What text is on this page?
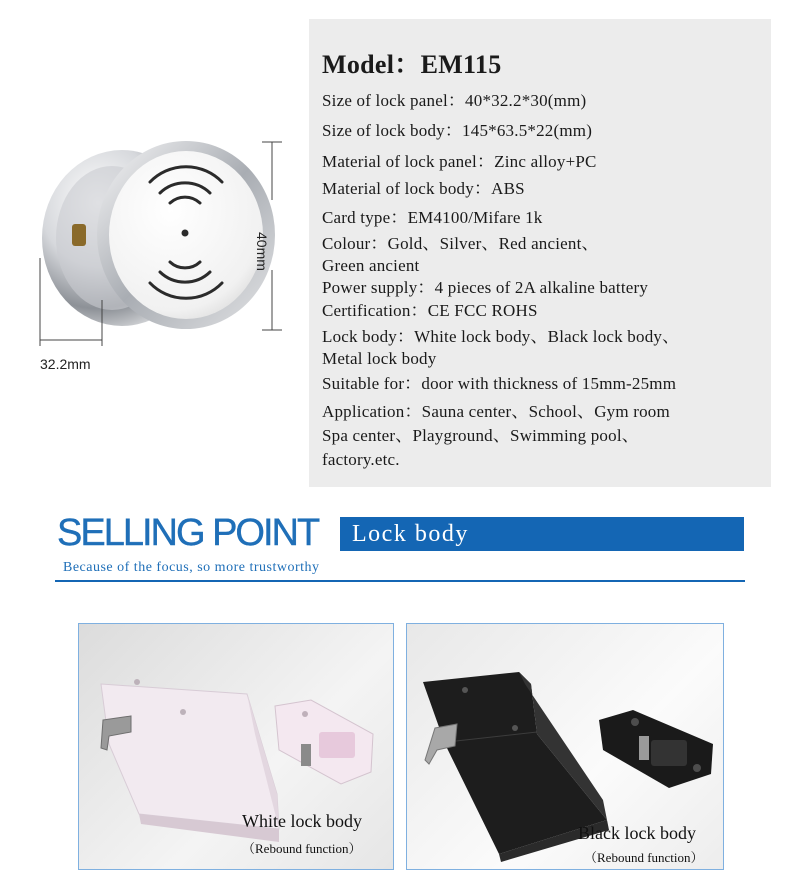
40mm
32.2mm
Model：EM115
Size of lock panel：40*32.2*30(mm)
Size of lock body：145*63.5*22(mm)
Material of lock panel：Zinc alloy+PC
Material of lock body：ABS
Card type：EM4100/Mifare 1k
Colour：Gold、Silver、Red ancient、
Green ancient
Power supply：4 pieces of 2A alkaline battery
Certification：CE FCC ROHS
Lock body：White lock body、Black lock body、
Metal lock body
Suitable for：door with thickness of 15mm-25mm
Application：Sauna center、School、Gym room
Spa center、Playground、Swimming pool、
factory.etc.
SELLING POINT Lock body
Because of the focus, so more trustworthy
White lock body
（Rebound function）
Black lock body
（Rebound function）
